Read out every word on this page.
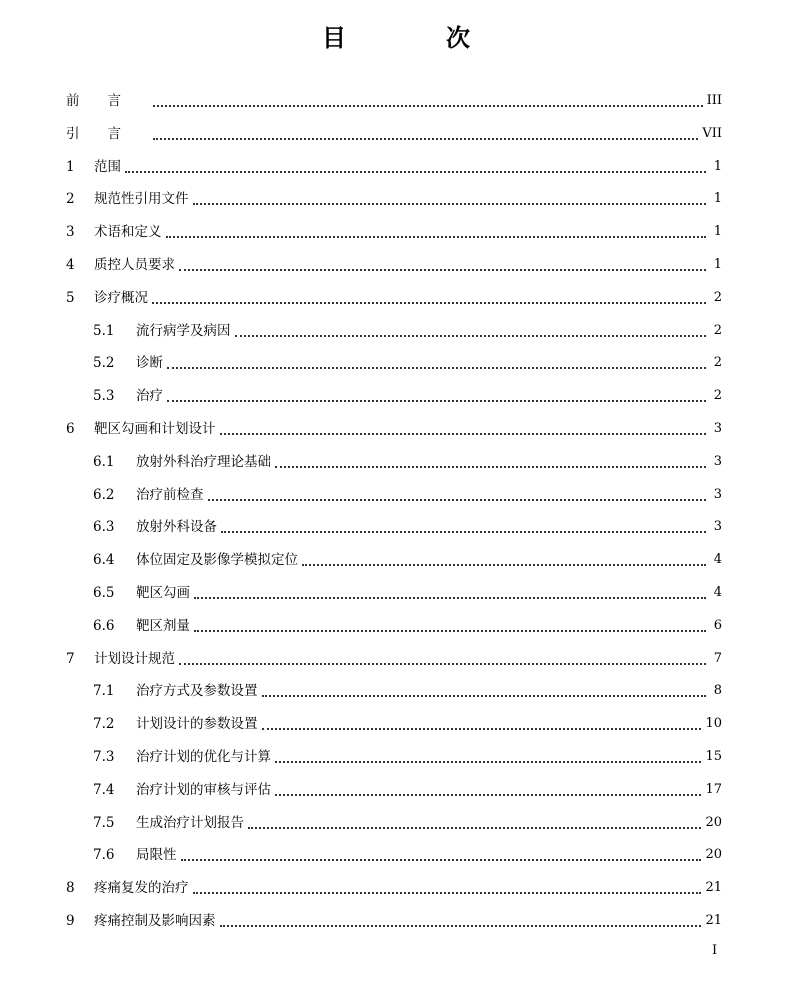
目　次
前言	III
引言	VII
1	范围	1
2	规范性引用文件	1
3	术语和定义	1
4	质控人员要求	1
5	诊疗概况	2
5.1	流行病学及病因	2
5.2	诊断	2
5.3	治疗	2
6	靶区勾画和计划设计	3
6.1	放射外科治疗理论基础	3
6.2	治疗前检查	3
6.3	放射外科设备	3
6.4	体位固定及影像学模拟定位	4
6.5	靶区勾画	4
6.6	靶区剂量	6
7	计划设计规范	7
7.1	治疗方式及参数设置	8
7.2	计划设计的参数设置	10
7.3	治疗计划的优化与计算	15
7.4	治疗计划的审核与评估	17
7.5	生成治疗计划报告	20
7.6	局限性	20
8	疼痛复发的治疗	21
9	疼痛控制及影响因素	21
I
